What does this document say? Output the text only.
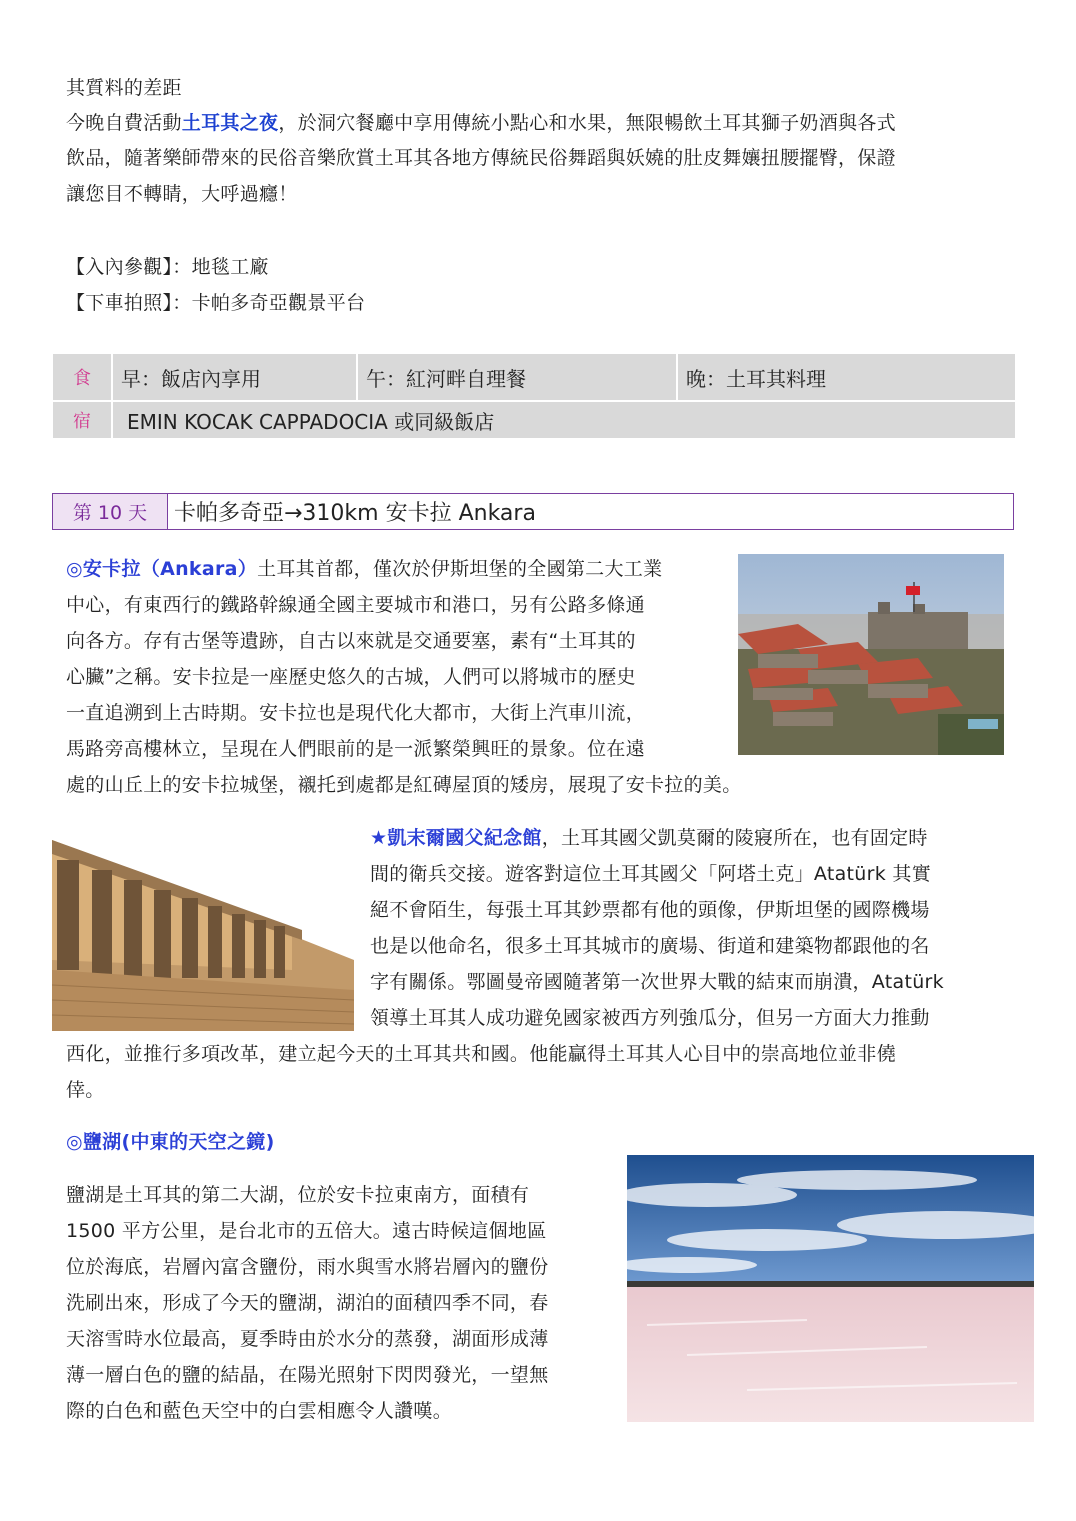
其質料的差距
今晚自費活動土耳其之夜，於洞穴餐廳中享用傳統小點心和水果，無限暢飲土耳其獅子奶酒與各式
飲品，隨著樂師帶來的民俗音樂欣賞土耳其各地方傳統民俗舞蹈與妖嬈的肚皮舞孃扭腰擺臀，保證
讓您目不轉睛，大呼過癮！
【入內參觀】：地毯工廠
【下車拍照】：卡帕多奇亞觀景平台
食	早：飯店內享用	午：紅河畔自理餐	晚：土耳其料理
宿	EMIN KOCAK CAPPADOCIA 或同級飯店
第 10 天	卡帕多奇亞→310km 安卡拉 Ankara
◎安卡拉（Ankara）土耳其首都，僅次於伊斯坦堡的全國第二大工業
中心，有東西行的鐵路幹線通全國主要城市和港口，另有公路多條通
向各方。存有古堡等遺跡，自古以來就是交通要塞，素有“土耳其的
心臟”之稱。安卡拉是一座歷史悠久的古城，人們可以將城市的歷史
一直追溯到上古時期。安卡拉也是現代化大都市，大街上汽車川流，
馬路旁高樓林立，呈現在人們眼前的是一派繁榮興旺的景象。位在遠
處的山丘上的安卡拉城堡，襯托到處都是紅磚屋頂的矮房，展現了安卡拉的美。
★凱末爾國父紀念館，土耳其國父凱莫爾的陵寢所在，也有固定時
間的衛兵交接。遊客對這位土耳其國父「阿塔土克」Atatürk 其實
絕不會陌生，每張土耳其鈔票都有他的頭像，伊斯坦堡的國際機場
也是以他命名，很多土耳其城市的廣場、街道和建築物都跟他的名
字有關係。鄂圖曼帝國隨著第一次世界大戰的結束而崩潰，Atatürk
領導土耳其人成功避免國家被西方列強瓜分，但另一方面大力推動
西化，並推行多項改革，建立起今天的土耳其共和國。他能贏得土耳其人心目中的崇高地位並非僥
倖。
◎鹽湖(中東的天空之鏡)
鹽湖是土耳其的第二大湖，位於安卡拉東南方，面積有
1500 平方公里，是台北市的五倍大。遠古時候這個地區
位於海底，岩層內富含鹽份，雨水與雪水將岩層內的鹽份
洗刷出來，形成了今天的鹽湖，湖泊的面積四季不同，春
天溶雪時水位最高，夏季時由於水分的蒸發，湖面形成薄
薄一層白色的鹽的結晶，在陽光照射下閃閃發光，一望無
際的白色和藍色天空中的白雲相應令人讚嘆。
